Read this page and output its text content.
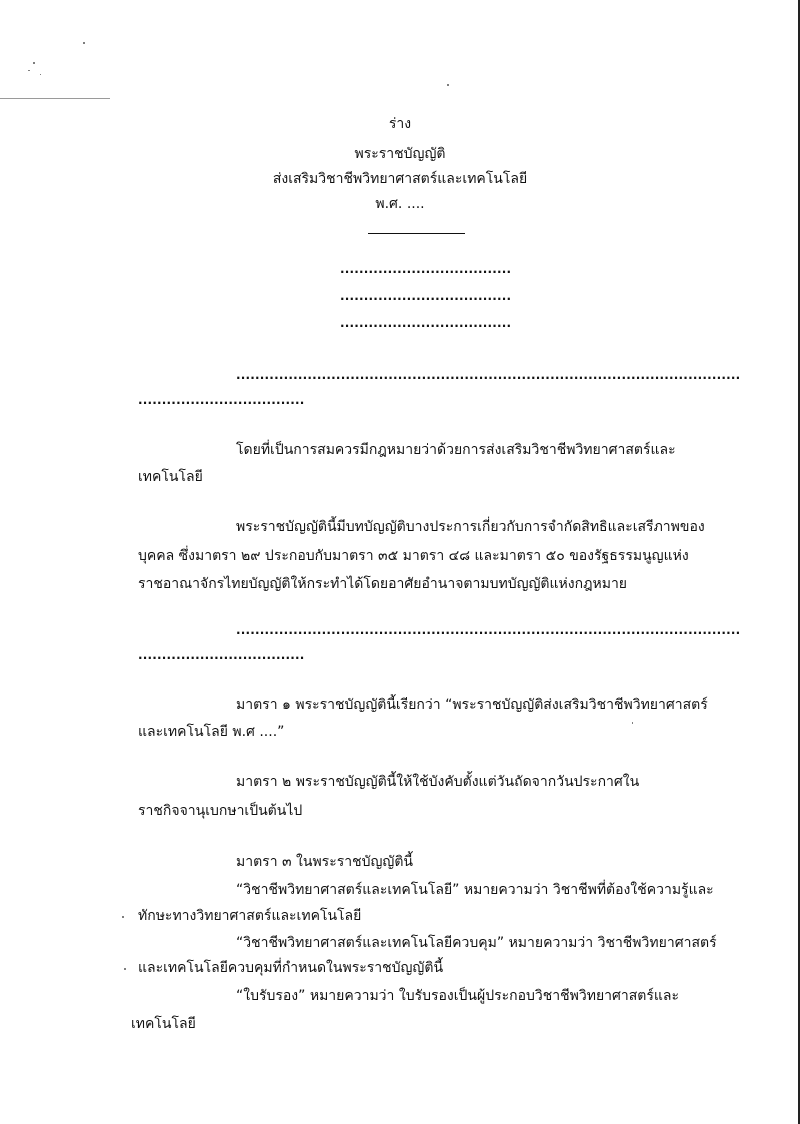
ร่าง
พระราชบัญญัติ
ส่งเสริมวิชาชีพวิทยาศาสตร์และเทคโนโลยี
พ.ศ. ....
....................................
....................................
....................................
..........................................................................................................
...................................
โดยที่เป็นการสมควรมีกฎหมายว่าด้วยการส่งเสริมวิชาชีพวิทยาศาสตร์และ
เทคโนโลยี
พระราชบัญญัตินี้มีบทบัญญัติบางประการเกี่ยวกับการจำกัดสิทธิและเสรีภาพของ
บุคคล ซึ่งมาตรา ๒๙ ประกอบกับมาตรา ๓๕ มาตรา ๔๘ และมาตรา ๕๐ ของรัฐธรรมนูญแห่ง
ราชอาณาจักรไทยบัญญัติให้กระทำได้โดยอาศัยอำนาจตามบทบัญญัติแห่งกฎหมาย
..........................................................................................................
...................................
มาตรา ๑ พระราชบัญญัตินี้เรียกว่า “พระราชบัญญัติส่งเสริมวิชาชีพวิทยาศาสตร์
และเทคโนโลยี พ.ศ ....”
มาตรา ๒ พระราชบัญญัตินี้ให้ใช้บังคับตั้งแต่วันถัดจากวันประกาศใน
ราชกิจจานุเบกษาเป็นต้นไป
มาตรา ๓ ในพระราชบัญญัตินี้
“วิชาชีพวิทยาศาสตร์และเทคโนโลยี” หมายความว่า วิชาชีพที่ต้องใช้ความรู้และ
ทักษะทางวิทยาศาสตร์และเทคโนโลยี
“วิชาชีพวิทยาศาสตร์และเทคโนโลยีควบคุม” หมายความว่า วิชาชีพวิทยาศาสตร์
และเทคโนโลยีควบคุมที่กำหนดในพระราชบัญญัตินี้
“ใบรับรอง” หมายความว่า ใบรับรองเป็นผู้ประกอบวิชาชีพวิทยาศาสตร์และ
เทคโนโลยี
